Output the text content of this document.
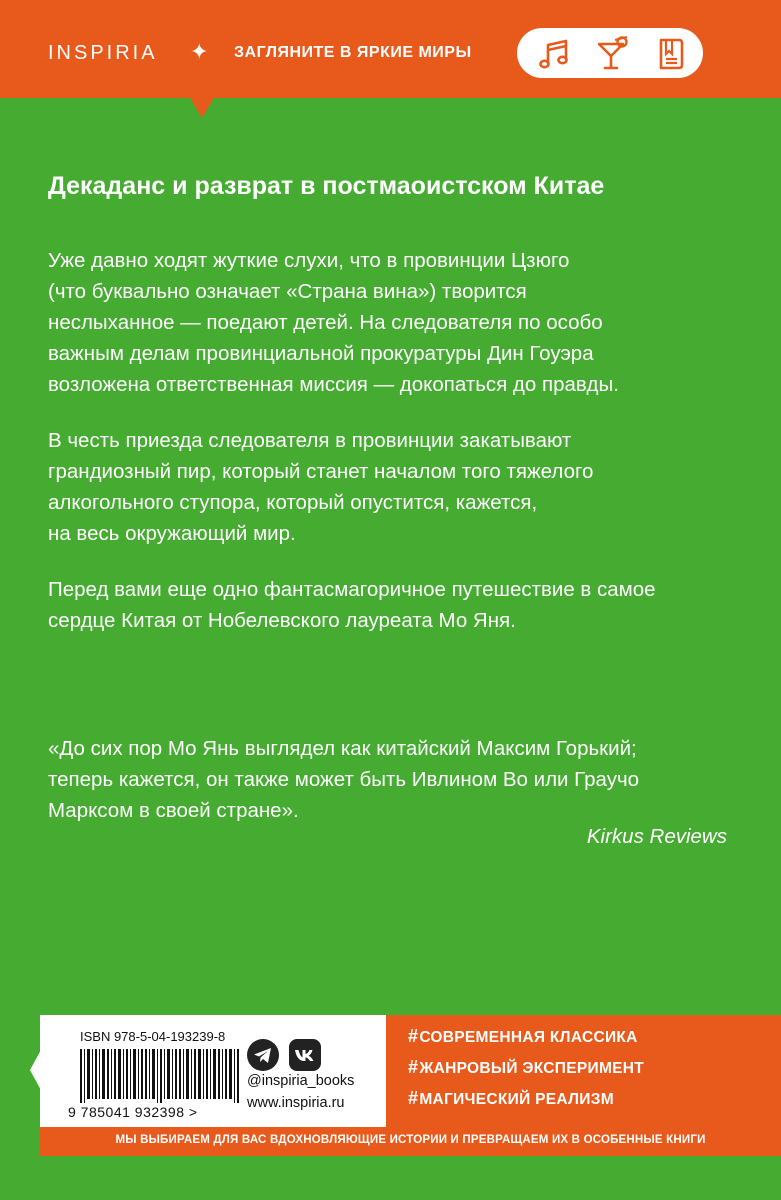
INSPIRIA ✦ ЗАГЛЯНИТЕ В ЯРКИЕ МИРЫ
Декаданс и разврат в постмаоистском Китае

Уже давно ходят жуткие слухи, что в провинции Цзюго
(что буквально означает «Страна вина») творится
неслыханное — поедают детей. На следователя по особо
важным делам провинциальной прокуратуры Дин Гоуэра
возложена ответственная миссия — докопаться до правды.

В честь приезда следователя в провинции закатывают
грандиозный пир, который станет началом того тяжелого
алкогольного ступора, который опустится, кажется,
на весь окружающий мир.

Перед вами еще одно фантасмагоричное путешествие в самое
сердце Китая от Нобелевского лауреата Мо Яня.

«До сих пор Мо Янь выглядел как китайский Максим Горький;
теперь кажется, он также может быть Ивлином Во или Граучо
Марксом в своей стране».

Kirkus Reviews

ISBN 978-5-04-193239-8
9 785041 932398 >
@inspiria_books
www.inspiria.ru
#СОВРЕМЕННАЯ КЛАССИКА
#ЖАНРОВЫЙ ЭКСПЕРИМЕНТ
#МАГИЧЕСКИЙ РЕАЛИЗМ
МЫ ВЫБИРАЕМ ДЛЯ ВАС ВДОХНОВЛЯЮЩИЕ ИСТОРИИ И ПРЕВРАЩАЕМ ИХ В ОСОБЕННЫЕ КНИГИ
